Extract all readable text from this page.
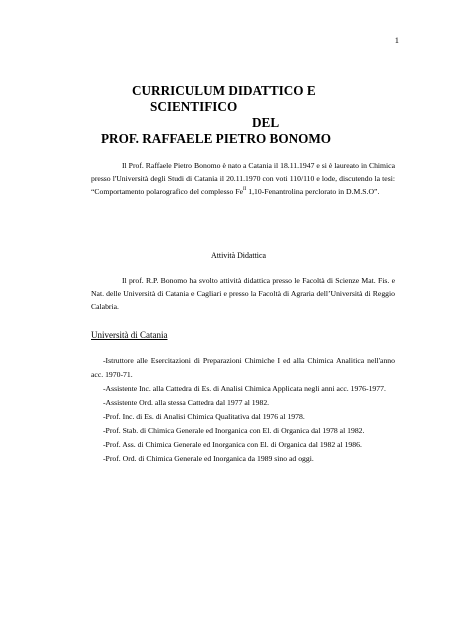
1
CURRICULUM DIDATTICO E
SCIENTIFICO
DEL
PROF. RAFFAELE PIETRO BONOMO
Il Prof. Raffaele Pietro Bonomo è nato a Catania il 18.11.1947 e si è laureato in Chimica presso l'Università degli Studi di Catania il 20.11.1970 con voti 110/110 e lode, discutendo la tesi: “Comportamento polarografico del complesso $Fe^{II}$ 1,10-Fenantrolina perclorato in D.M.S.O”.
Attività Didattica
Il prof. R.P. Bonomo ha svolto attività didattica presso le Facoltà di Scienze Mat. Fis. e Nat. delle Università di Catania e Cagliari e presso la Facoltà di Agraria dell’Università di Reggio Calabria.
Università di Catania
-Istruttore alle Esercitazioni di Preparazioni Chimiche I ed alla Chimica Analitica nell'anno acc. 1970-71.
-Assistente Inc. alla Cattedra di Es. di Analisi Chimica Applicata negli anni acc. 1976-1977.
-Assistente Ord. alla stessa Cattedra dal 1977 al 1982.
-Prof. Inc. di Es. di Analisi Chimica Qualitativa dal 1976 al 1978.
-Prof. Stab. di Chimica Generale ed Inorganica con El. di Organica dal 1978 al 1982.
-Prof. Ass. di Chimica Generale ed Inorganica con El. di Organica dal 1982 al 1986.
-Prof. Ord. di Chimica Generale ed Inorganica da 1989 sino ad oggi.
